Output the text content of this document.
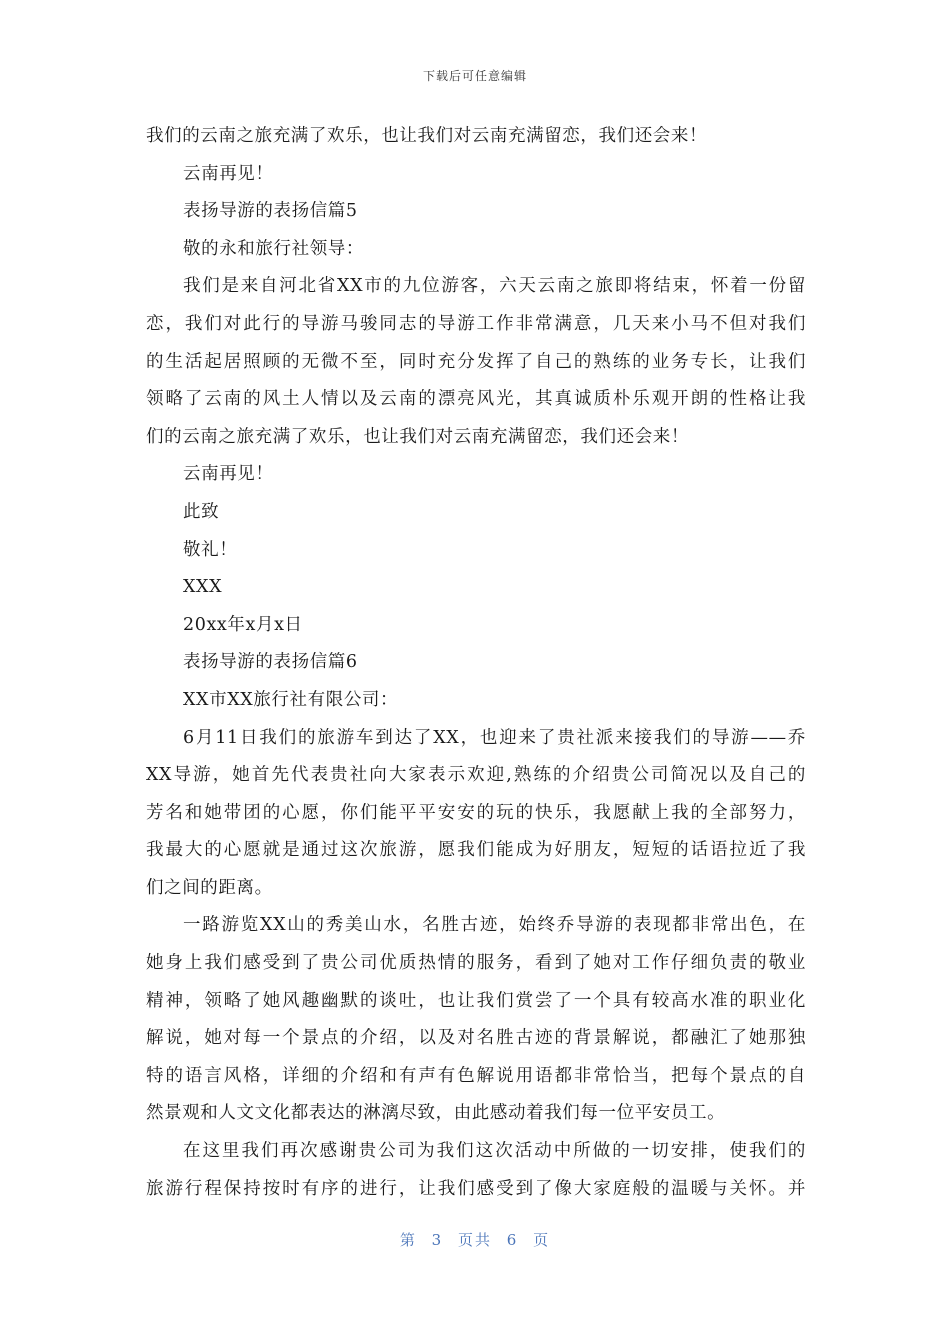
下载后可任意编辑
我们的云南之旅充满了欢乐，也让我们对云南充满留恋，我们还会来！
云南再见！
表扬导游的表扬信篇5
敬的永和旅行社领导：
我们是来自河北省XX市的九位游客，六天云南之旅即将结束，怀着一份留
恋，我们对此行的导游马骏同志的导游工作非常满意，几天来小马不但对我们
的生活起居照顾的无微不至，同时充分发挥了自己的熟练的业务专长，让我们
领略了云南的风土人情以及云南的漂亮风光，其真诚质朴乐观开朗的性格让我
们的云南之旅充满了欢乐，也让我们对云南充满留恋，我们还会来！
云南再见！
此致
敬礼！
XXX
20xx年x月x日
表扬导游的表扬信篇6
XX市XX旅行社有限公司：
6月11日我们的旅游车到达了XX，也迎来了贵社派来接我们的导游——乔
XX导游，她首先代表贵社向大家表示欢迎,熟练的介绍贵公司简况以及自己的
芳名和她带团的心愿，你们能平平安安的玩的快乐，我愿献上我的全部努力，
我最大的心愿就是通过这次旅游，愿我们能成为好朋友，短短的话语拉近了我
们之间的距离。
一路游览XX山的秀美山水，名胜古迹，始终乔导游的表现都非常出色，在
她身上我们感受到了贵公司优质热情的服务，看到了她对工作仔细负责的敬业
精神，领略了她风趣幽默的谈吐，也让我们赏尝了一个具有较高水准的职业化
解说，她对每一个景点的介绍，以及对名胜古迹的背景解说，都融汇了她那独
特的语言风格，详细的介绍和有声有色解说用语都非常恰当，把每个景点的自
然景观和人文文化都表达的淋漓尽致，由此感动着我们每一位平安员工。
在这里我们再次感谢贵公司为我们这次活动中所做的一切安排，使我们的
旅游行程保持按时有序的进行，让我们感受到了像大家庭般的温暖与关怀。并
第 3 页共 6 页
